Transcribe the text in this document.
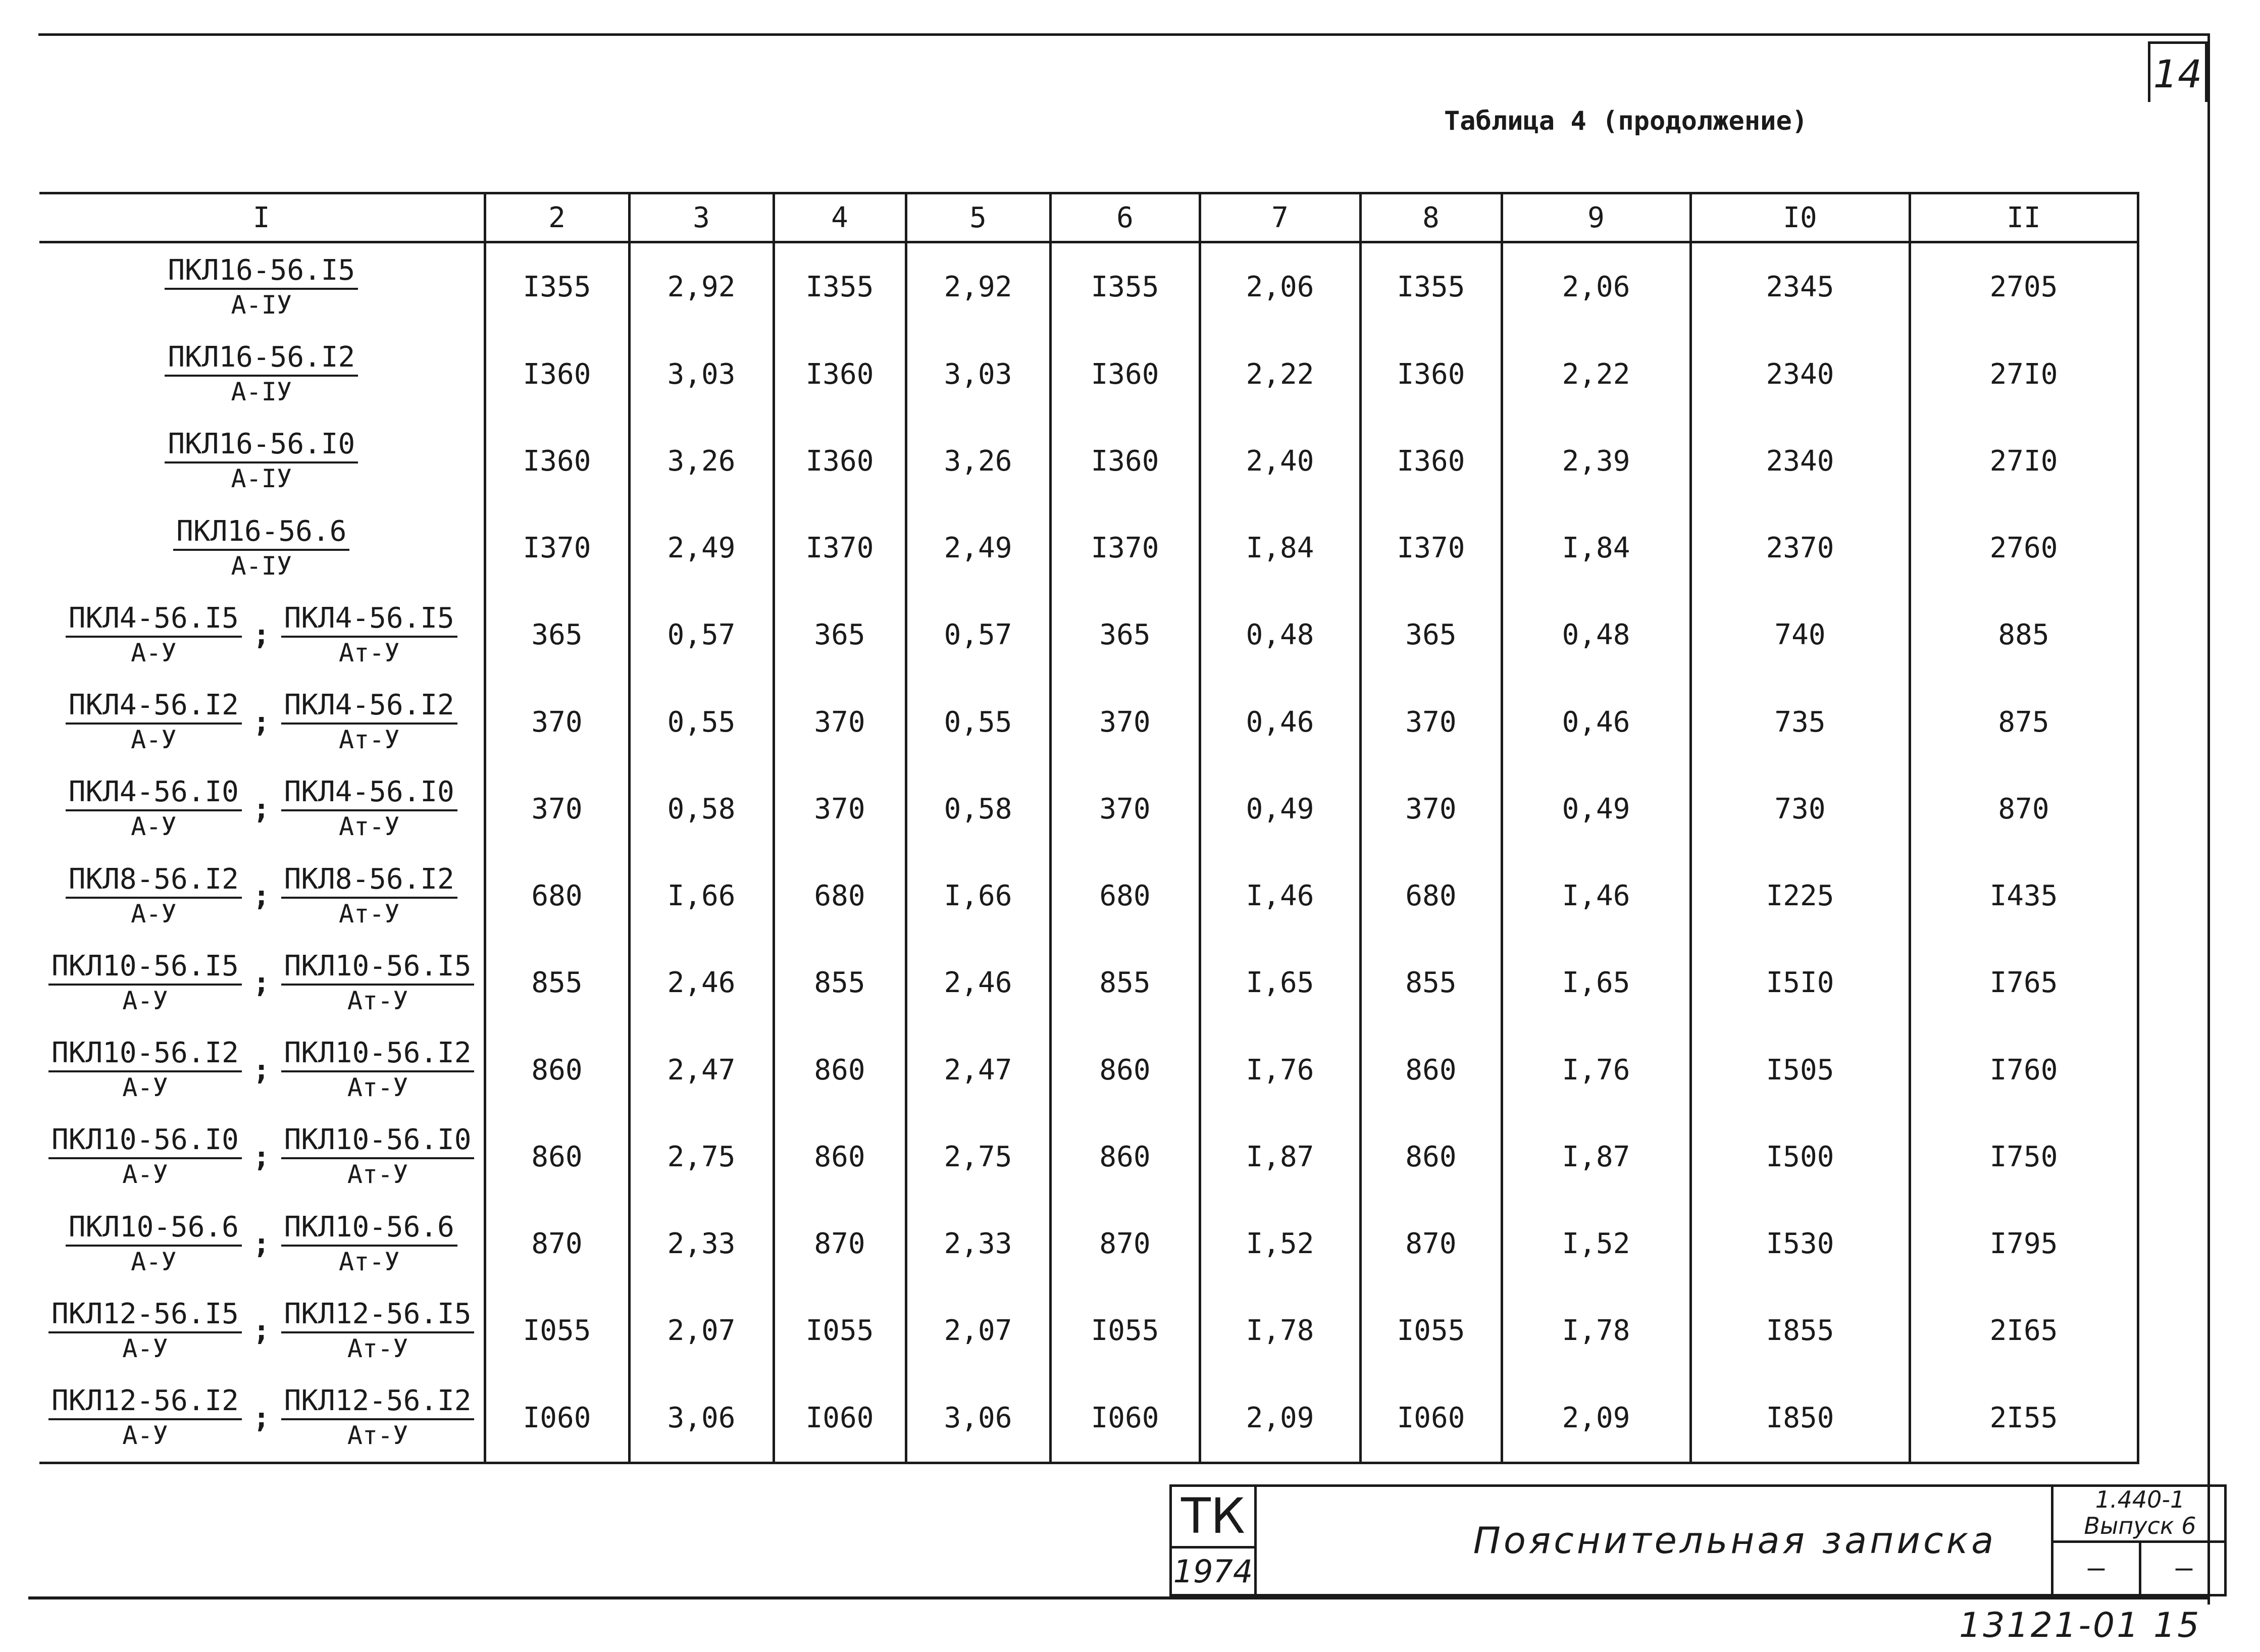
14
Таблица 4 (продолжение)
I	2	3	4	5	6	7	8	9	I0	II

$\frac{\text{ПКЛ16-56.I5}}{А-IУ}$	I355	2,92	I355	2,92	I355	2,06	I355	2,06	2345	2705

$\frac{\text{ПКЛ16-56.I2}}{А-IУ}$	I360	3,03	I360	3,03	I360	2,22	I360	2,22	2340	27I0

$\frac{\text{ПКЛ16-56.I0}}{А-IУ}$	I360	3,26	I360	3,26	I360	2,40	I360	2,39	2340	27I0

$\frac{\text{ПКЛ16-56.6}}{А-IУ}$	I370	2,49	I370	2,49	I370	I,84	I370	I,84	2370	2760

$\frac{\text{ПКЛ4-56.I5}}{А-У}$ ; $\frac{\text{ПКЛ4-56.I5}}{Ат-У}$	365	0,57	365	0,57	365	0,48	365	0,48	740	885

$\frac{\text{ПКЛ4-56.I2}}{А-У}$ ; $\frac{\text{ПКЛ4-56.I2}}{Ат-У}$	370	0,55	370	0,55	370	0,46	370	0,46	735	875

$\frac{\text{ПКЛ4-56.I0}}{А-У}$ ; $\frac{\text{ПКЛ4-56.I0}}{Ат-У}$	370	0,58	370	0,58	370	0,49	370	0,49	730	870

$\frac{\text{ПКЛ8-56.I2}}{А-У}$ ; $\frac{\text{ПКЛ8-56.I2}}{Ат-У}$	680	I,66	680	I,66	680	I,46	680	I,46	I225	I435

$\frac{\text{ПКЛ10-56.I5}}{А-У}$ ; $\frac{\text{ПКЛ10-56.I5}}{Ат-У}$	855	2,46	855	2,46	855	I,65	855	I,65	I5I0	I765

$\frac{\text{ПКЛ10-56.I2}}{А-У}$ ; $\frac{\text{ПКЛ10-56.I2}}{Ат-У}$	860	2,47	860	2,47	860	I,76	860	I,76	I505	I760

$\frac{\text{ПКЛ10-56.I0}}{А-У}$ ; $\frac{\text{ПКЛ10-56.I0}}{Ат-У}$	860	2,75	860	2,75	860	I,87	860	I,87	I500	I750

$\frac{\text{ПКЛ10-56.6}}{А-У}$ ; $\frac{\text{ПКЛ10-56.6}}{Ат-У}$	870	2,33	870	2,33	870	I,52	870	I,52	I530	I795

$\frac{\text{ПКЛ12-56.I5}}{А-У}$ ; $\frac{\text{ПКЛ12-56.I5}}{Ат-У}$	I055	2,07	I055	2,07	I055	I,78	I055	I,78	I855	2I65

$\frac{\text{ПКЛ12-56.I2}}{А-У}$ ; $\frac{\text{ПКЛ12-56.I2}}{Ат-У}$	I060	3,06	I060	3,06	I060	2,09	I060	2,09	I850	2I55
ТК
1974
Пояснительная записка
1.440-1
Выпуск 6
—	—
13121-01 15
